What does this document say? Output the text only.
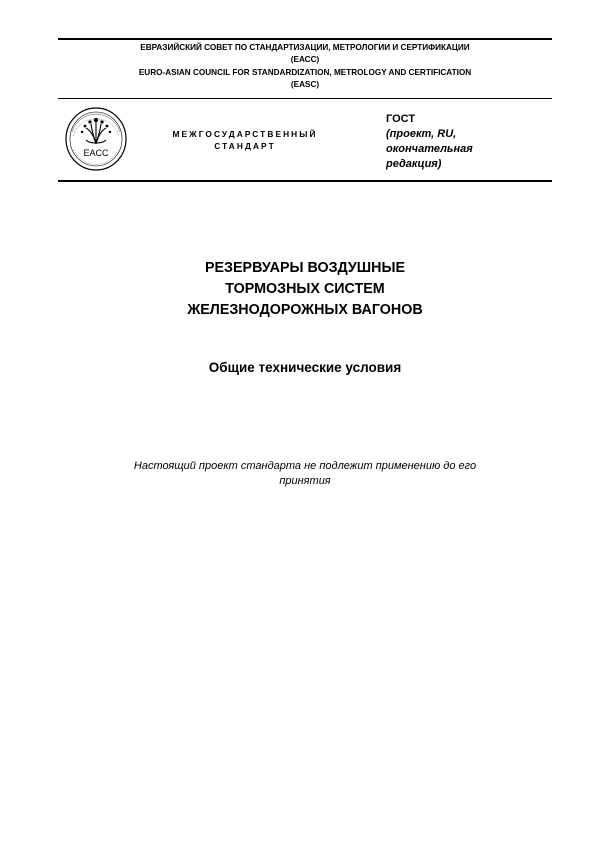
ЕВРАЗИЙСКИЙ СОВЕТ ПО СТАНДАРТИЗАЦИИ, МЕТРОЛОГИИ И СЕРТИФИКАЦИИ
(ЕАСС)
EURO-ASIAN COUNCIL FOR STANDARDIZATION, METROLOGY AND CERTIFICATION
(EASC)
EACC
МЕЖГОСУДАРСТВЕННЫЙ
СТАНДАРТ
ГОСТ
(проект, RU,
окончательная
редакция)
РЕЗЕРВУАРЫ ВОЗДУШНЫЕ
ТОРМОЗНЫХ СИСТЕМ
ЖЕЛЕЗНОДОРОЖНЫХ ВАГОНОВ
Общие технические условия
Настоящий проект стандарта не подлежит применению до его
принятия
